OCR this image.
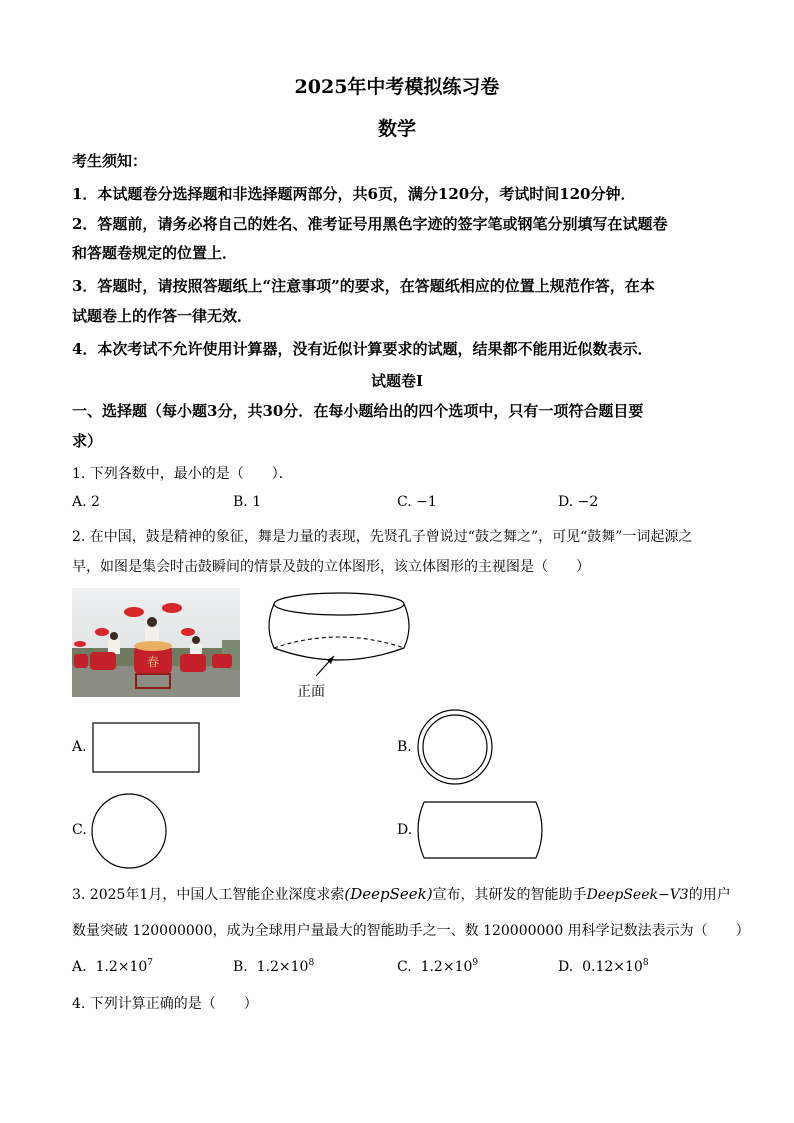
2025年中考模拟练习卷
数学
考生须知：
1．本试题卷分选择题和非选择题两部分，共6页，满分120分，考试时间120分钟．
2．答题前，请务必将自己的姓名、准考证号用黑色字迹的签字笔或钢笔分别填写在试题卷
和答题卷规定的位置上．
3．答题时，请按照答题纸上“注意事项”的要求，在答题纸相应的位置上规范作答，在本
试题卷上的作答一律无效．
4．本次考试不允许使用计算器，没有近似计算要求的试题，结果都不能用近似数表示．
试题卷Ⅰ
一、选择题（每小题3分，共30分．在每小题给出的四个选项中，只有一项符合题目要
求）
1. 下列各数中，最小的是（　　）．
A. 2	B. 1	C. −1	D. −2
2. 在中国，鼓是精神的象征，舞是力量的表现，先贤孔子曾说过“鼓之舞之”，可见“鼓舞”一词起源之
早，如图是集会时击鼓瞬间的情景及鼓的立体图形，该立体图形的主视图是（　　）
春
正面
A.	B.
C.	D.
3. 2025年1月，中国人工智能企业深度求索(DeepSeek)宣布，其研发的智能助手DeepSeek−V3的用户
数量突破 120000000，成为全球用户量最大的智能助手之一、数 120000000 用科学记数法表示为（　　）
A. $1.2\times 10^7$	B. $1.2\times 10^8$	C. $1.2\times 10^9$	D. $0.12\times 10^8$
4. 下列计算正确的是（　　）
